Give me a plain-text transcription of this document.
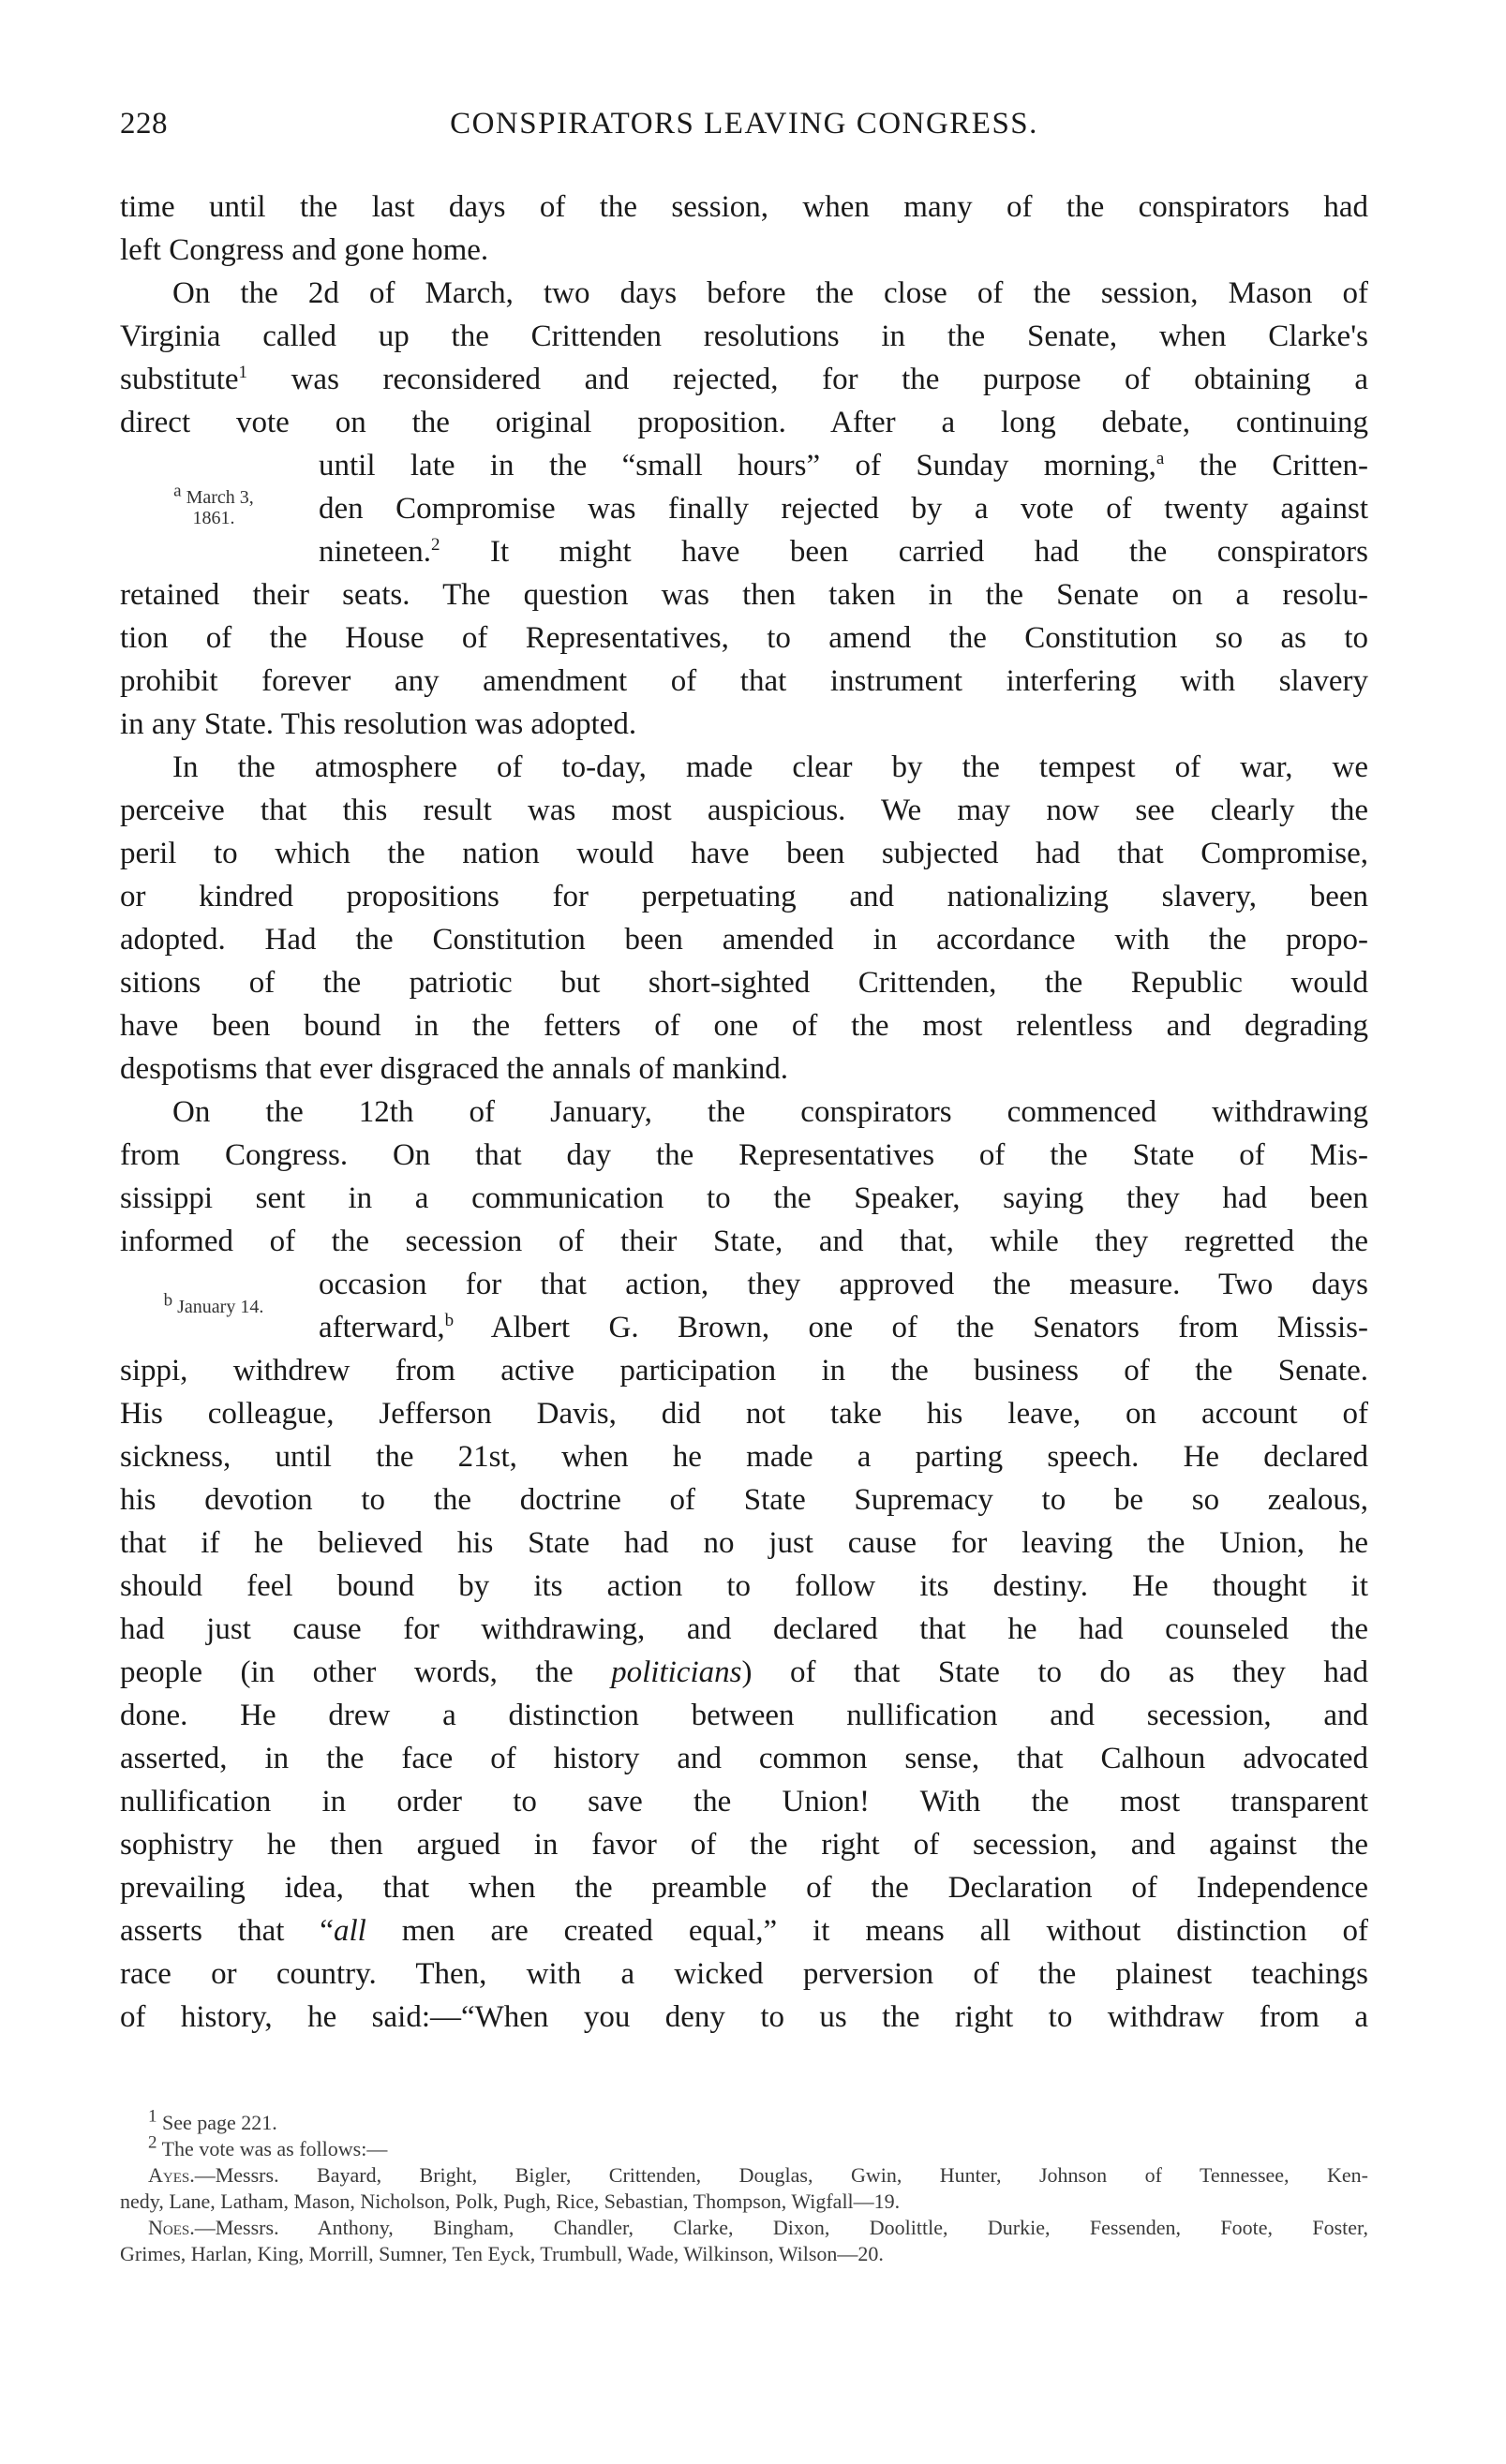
228	CONSPIRATORS LEAVING CONGRESS.
time until the last days of the session, when many of the conspirators had
left Congress and gone home.
On the 2d of March, two days before the close of the session, Mason of
Virginia called up the Crittenden resolutions in the Senate, when Clarke's
substitute$^1$ was reconsidered and rejected, for the purpose of obtaining a
direct vote on the original proposition. After a long debate, continuing
until late in the “small hours” of Sunday morning,$^a$ the Critten-
den Compromise was finally rejected by a vote of twenty against
nineteen.$^2$ It might have been carried had the conspirators
retained their seats. The question was then taken in the Senate on a resolu-
tion of the House of Representatives, to amend the Constitution so as to
prohibit forever any amendment of that instrument interfering with slavery
in any State. This resolution was adopted.
In the atmosphere of to-day, made clear by the tempest of war, we
perceive that this result was most auspicious. We may now see clearly the
peril to which the nation would have been subjected had that Compromise,
or kindred propositions for perpetuating and nationalizing slavery, been
adopted. Had the Constitution been amended in accordance with the propo-
sitions of the patriotic but short-sighted Crittenden, the Republic would
have been bound in the fetters of one of the most relentless and degrading
despotisms that ever disgraced the annals of mankind.
On the 12th of January, the conspirators commenced withdrawing
from Congress. On that day the Representatives of the State of Mis-
sissippi sent in a communication to the Speaker, saying they had been
informed of the secession of their State, and that, while they regretted the
occasion for that action, they approved the measure. Two days
afterward,$^b$ Albert G. Brown, one of the Senators from Missis-
sippi, withdrew from active participation in the business of the Senate.
His colleague, Jefferson Davis, did not take his leave, on account of
sickness, until the 21st, when he made a parting speech. He declared
his devotion to the doctrine of State Supremacy to be so zealous,
that if he believed his State had no just cause for leaving the Union, he
should feel bound by its action to follow its destiny. He thought it
had just cause for withdrawing, and declared that he had counseled the
people (in other words, the politicians) of that State to do as they had
done. He drew a distinction between nullification and secession, and
asserted, in the face of history and common sense, that Calhoun advocated
nullification in order to save the Union! With the most transparent
sophistry he then argued in favor of the right of secession, and against the
prevailing idea, that when the preamble of the Declaration of Independence
asserts that “all men are created equal,” it means all without distinction of
race or country. Then, with a wicked perversion of the plainest teachings
of history, he said:—“When you deny to us the right to withdraw from a
a March 3,
1861.
b January 14.
1 See page 221.
2 The vote was as follows:—
Ayes.—Messrs. Bayard, Bright, Bigler, Crittenden, Douglas, Gwin, Hunter, Johnson of Tennessee, Ken-
nedy, Lane, Latham, Mason, Nicholson, Polk, Pugh, Rice, Sebastian, Thompson, Wigfall—19.
Noes.—Messrs. Anthony, Bingham, Chandler, Clarke, Dixon, Doolittle, Durkie, Fessenden, Foote, Foster,
Grimes, Harlan, King, Morrill, Sumner, Ten Eyck, Trumbull, Wade, Wilkinson, Wilson—20.
